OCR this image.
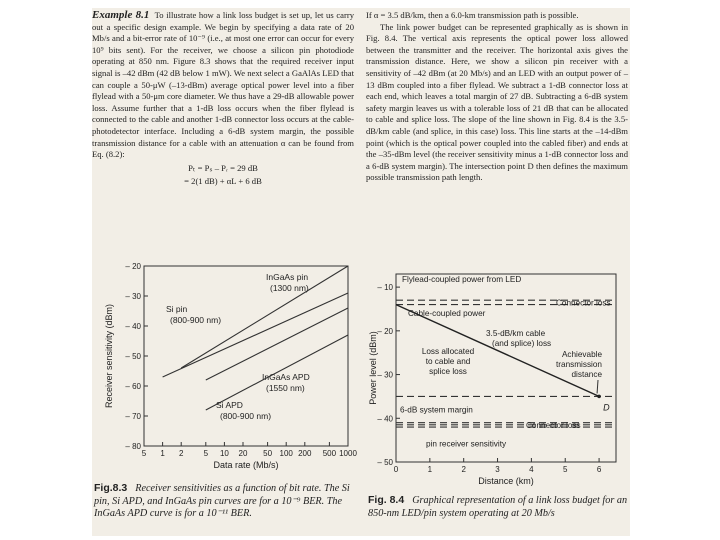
Example 8.1 To illustrate how a link loss budget is set up, let us carry out a specific design example. We begin by specifying a data rate of 20 Mb/s and a bit-error rate of 10⁻⁹ (i.e., at most one error can occur for every 10⁹ bits sent). For the receiver, we choose a silicon pin photodiode operating at 850 nm. Figure 8.3 shows that the required receiver input signal is –42 dBm (42 dB below 1 mW). We next select a GaAlAs LED that can couple a 50-μW (–13-dBm) average optical power level into a fiber flylead with a 50-μm core diameter. We thus have a 29-dB allowable power loss. Assume further that a 1-dB loss occurs when the fiber flylead is connected to the cable and another 1-dB connector loss occurs at the cable-photodetector interface. Including a 6-dB system margin, the possible transmission distance for a cable with an attenuation α can be found from Eq. (8.2):

Pₜ = Pₛ – Pᵣ = 29 dB
= 2(1 dB) + αL + 6 dB

If α = 3.5 dB/km, then a 6.0-km transmission path is possible.

The link power budget can be represented graphically as is shown in Fig. 8.4. The vertical axis represents the optical power loss allowed between the transmitter and the receiver. The horizontal axis gives the transmission distance. Here, we show a silicon pin receiver with a sensitivity of –42 dBm (at 20 Mb/s) and an LED with an output power of –13 dBm coupled into a fiber flylead. We subtract a 1-dB connector loss at each end, which leaves a total margin of 27 dB. Subtracting a 6-dB system safety margin leaves us with a tolerable loss of 21 dB that can be allocated to cable and splice loss. The slope of the line shown in Fig. 8.4 is the 3.5-dB/km cable (and splice, in this case) loss. This line starts at the –14-dBm point (which is the optical power coupled into the cabled fiber) and ends at the –35-dBm level (the receiver sensitivity minus a 1-dB connector loss and a 6-dB system margin). The intersection point D then defines the maximum possible transmission path length.

– 20
– 30
– 40
– 50
– 60
– 70
– 80
5 1 2	5 10 20 50 100 200 500 1000
Data rate (Mb/s)
Receiver sensitivity (dBm)	Si pin
(800-900 nm)
InGaAs pin
(1300 nm)
InGaAs APD
(1550 nm)
Si APD
(800-900 nm)
– 10
– 20
– 30
– 40
– 50
0	1	2	3	4	5	6
Distance (km)
Power level (dBm)
D
Flylead-coupled power from LED
Connector loss
Cable-coupled power
3.5-dB/km cable
(and splice) loss
Loss allocated
to cable and
splice loss
Achievable
transmission
distance
6-dB system margin
Connector loss
pin receiver sensitivity
Fig.8.3 Receiver sensitivities as a function of bit rate. The Si pin, Si APD, and InGaAs pin curves are for a 10⁻⁹ BER. The InGaAs APD curve is for a 10⁻¹¹ BER.
Fig. 8.4 Graphical representation of a link loss budget for an 850-nm LED/pin system operating at 20 Mb/s
